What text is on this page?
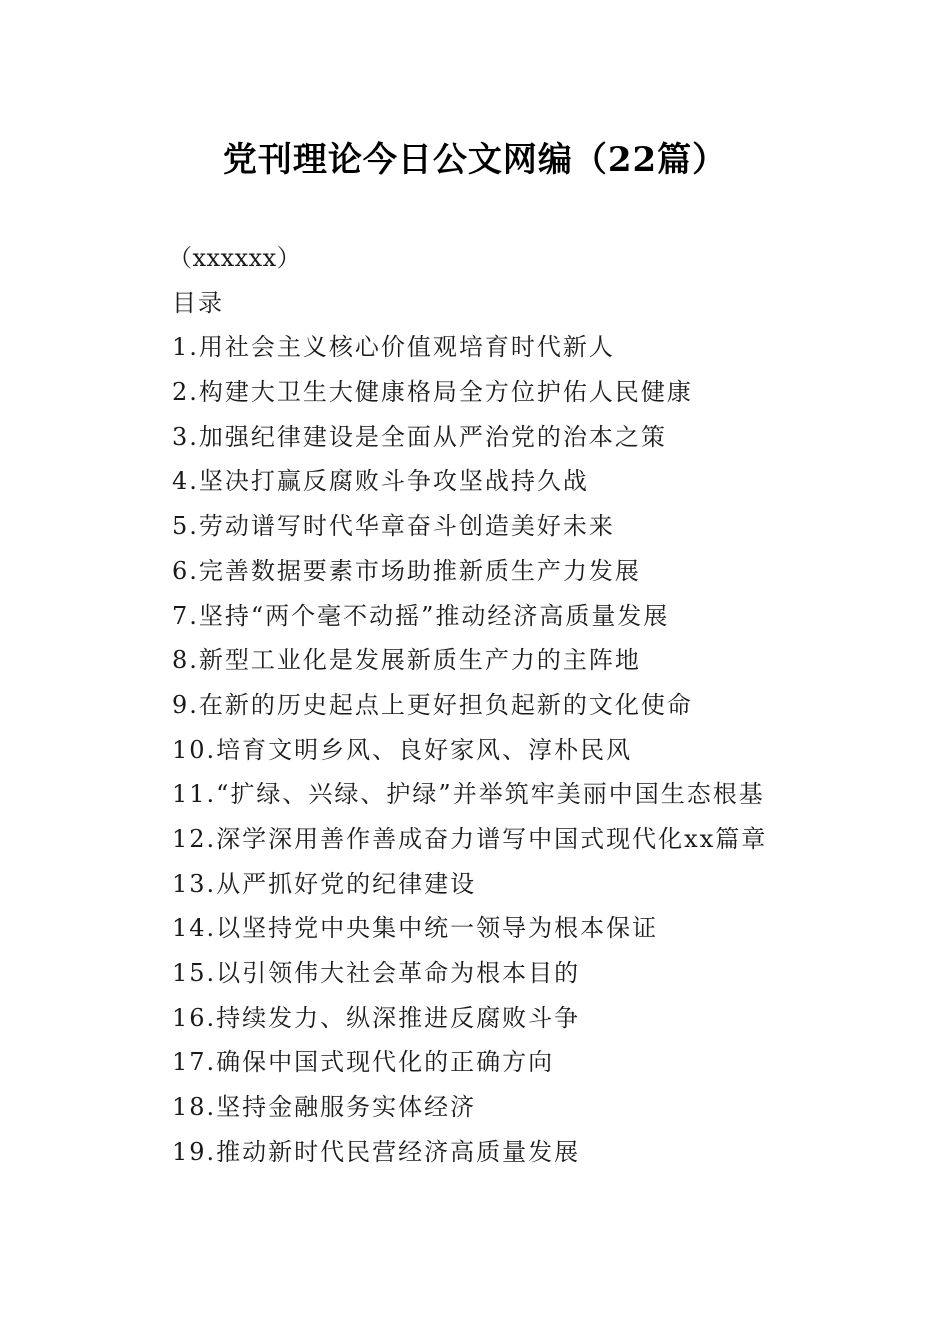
党刊理论今日公文网编（22篇）
（xxxxxx）
目录
1.用社会主义核心价值观培育时代新人
2.构建大卫生大健康格局全方位护佑人民健康
3.加强纪律建设是全面从严治党的治本之策
4.坚决打赢反腐败斗争攻坚战持久战
5.劳动谱写时代华章奋斗创造美好未来
6.完善数据要素市场助推新质生产力发展
7.坚持“两个毫不动摇”推动经济高质量发展
8.新型工业化是发展新质生产力的主阵地
9.在新的历史起点上更好担负起新的文化使命
10.培育文明乡风、良好家风、淳朴民风
11.“扩绿、兴绿、护绿”并举筑牢美丽中国生态根基
12.深学深用善作善成奋力谱写中国式现代化xx篇章
13.从严抓好党的纪律建设
14.以坚持党中央集中统一领导为根本保证
15.以引领伟大社会革命为根本目的
16.持续发力、纵深推进反腐败斗争
17.确保中国式现代化的正确方向
18.坚持金融服务实体经济
19.推动新时代民营经济高质量发展
